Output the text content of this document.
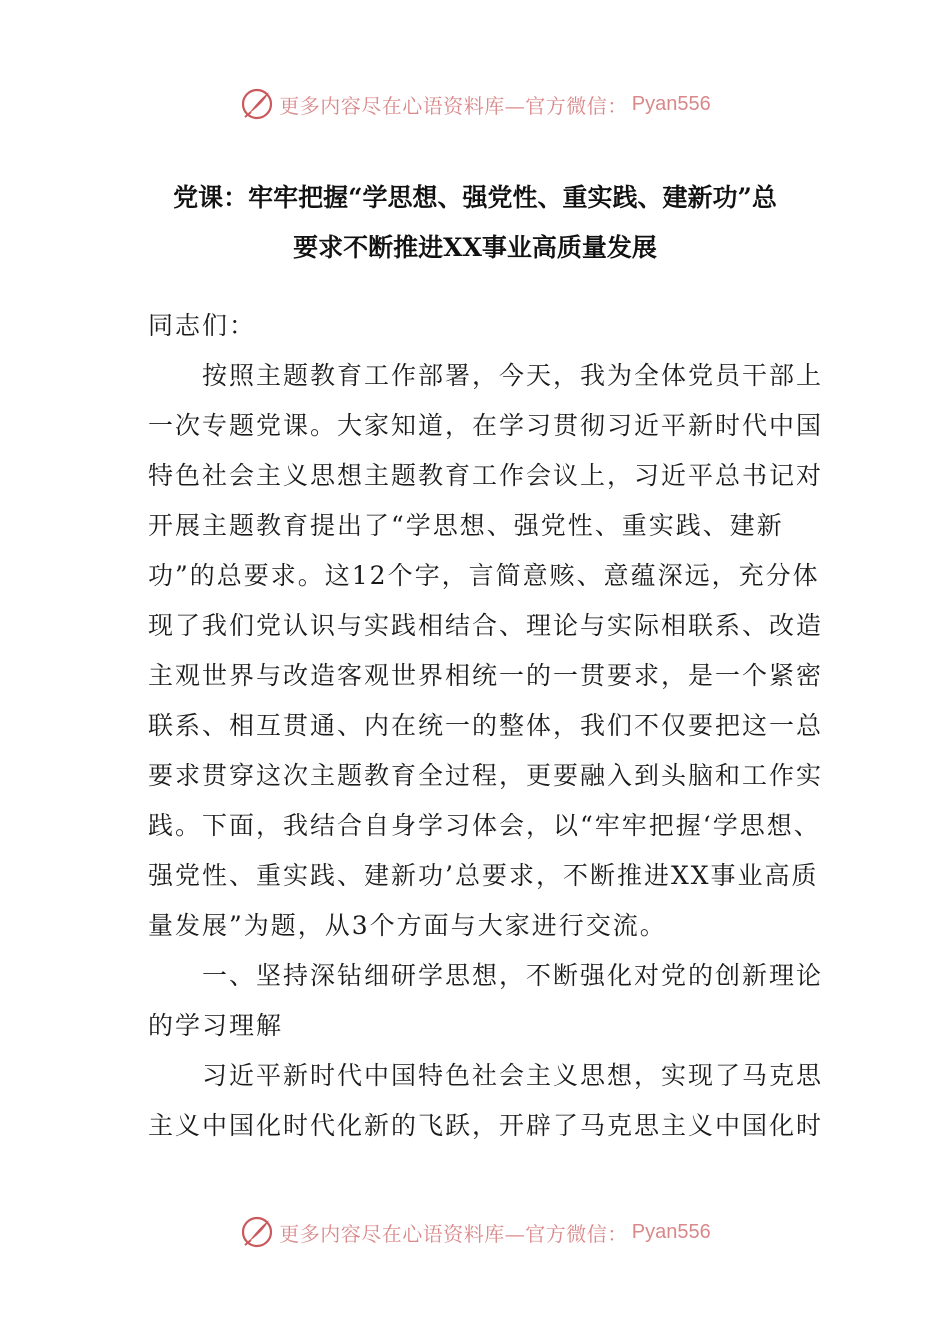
更多内容尽在心语资料库—官方微信： Pyan556
党课：牢牢把握“学思想、强党性、重实践、建新功”总
要求不断推进XX事业高质量发展
同志们：
　　按照主题教育工作部署，今天，我为全体党员干部上
一次专题党课。大家知道，在学习贯彻习近平新时代中国
特色社会主义思想主题教育工作会议上，习近平总书记对
开展主题教育提出了“学思想、强党性、重实践、建新
功”的总要求。这12个字，言简意赅、意蕴深远，充分体
现了我们党认识与实践相结合、理论与实际相联系、改造
主观世界与改造客观世界相统一的一贯要求，是一个紧密
联系、相互贯通、内在统一的整体，我们不仅要把这一总
要求贯穿这次主题教育全过程，更要融入到头脑和工作实
践。下面，我结合自身学习体会，以“牢牢把握‘学思想、
强党性、重实践、建新功’总要求，不断推进XX事业高质
量发展”为题，从3个方面与大家进行交流。
　　一、坚持深钻细研学思想，不断强化对党的创新理论
的学习理解
　　习近平新时代中国特色社会主义思想，实现了马克思
主义中国化时代化新的飞跃，开辟了马克思主义中国化时
更多内容尽在心语资料库—官方微信： Pyan556
